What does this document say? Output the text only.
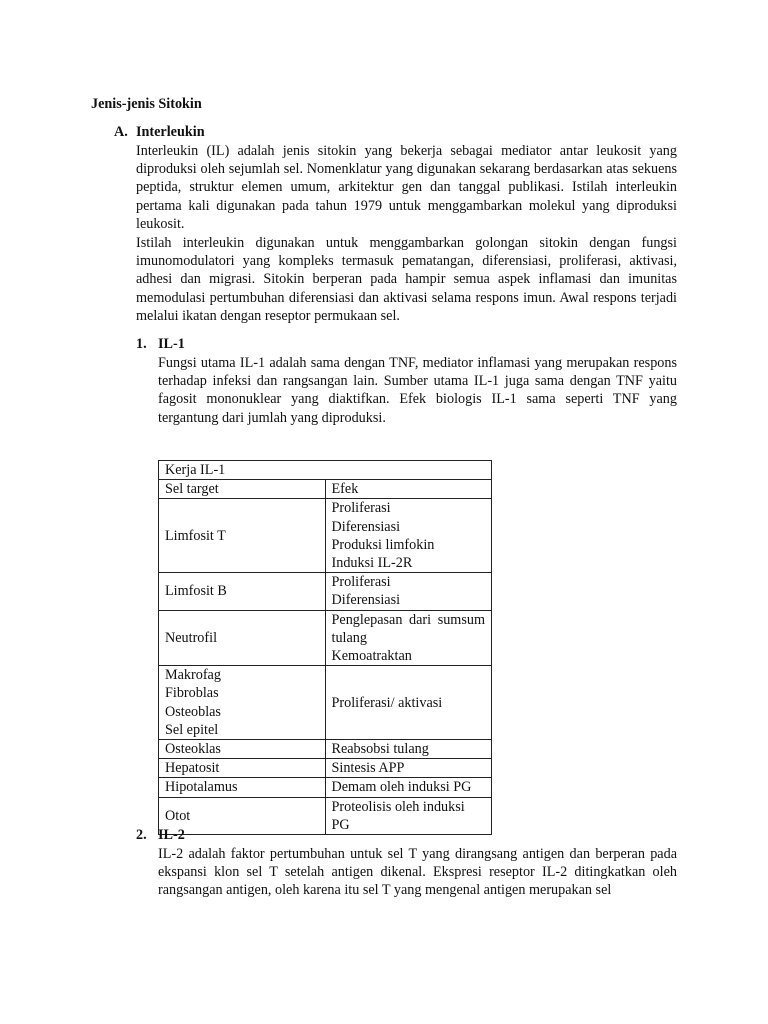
Jenis-jenis Sitokin
A. Interleukin

Interleukin (IL) adalah jenis sitokin yang bekerja sebagai mediator antar leukosit yang diproduksi oleh sejumlah sel. Nomenklatur yang digunakan sekarang berdasarkan atas sekuens peptida, struktur elemen umum, arkitektur gen dan tanggal publikasi. Istilah interleukin pertama kali digunakan pada tahun 1979 untuk menggambarkan molekul yang diproduksi leukosit.

Istilah interleukin digunakan untuk menggambarkan golongan sitokin dengan fungsi imunomodulatori yang kompleks termasuk pematangan, diferensiasi, proliferasi, aktivasi, adhesi dan migrasi. Sitokin berperan pada hampir semua aspek inflamasi dan imunitas memodulasi pertumbuhan diferensiasi dan aktivasi selama respons imun. Awal respons terjadi melalui ikatan dengan reseptor permukaan sel.

1. IL-1

Fungsi utama IL-1 adalah sama dengan TNF, mediator inflamasi yang merupakan respons terhadap infeksi dan rangsangan lain. Sumber utama IL-1 juga sama dengan TNF yaitu fagosit mononuklear yang diaktifkan. Efek biologis IL-1 sama seperti TNF yang tergantung dari jumlah yang diproduksi.

Kerja IL-1	
Sel target	Efek

Limfosit T	Proliferasi
Diferensiasi
Produksi limfokin
Induksi IL-2R

Limfosit B	Proliferasi
Diferensiasi

Neutrofil	Penglepasan dari sumsum tulang
Kemoatraktan

Makrofag
Fibroblas
Osteoblas
Sel epitel	Proliferasi/ aktivasi

Osteoklas	Reabsobsi tulang

Hepatosit	Sintesis APP

Hipotalamus	Demam oleh induksi PG

Otot	Proteolisis oleh induksi PG
2. IL-2

IL-2 adalah faktor pertumbuhan untuk sel T yang dirangsang antigen dan berperan pada ekspansi klon sel T setelah antigen dikenal. Ekspresi reseptor IL-2 ditingkatkan oleh rangsangan antigen, oleh karena itu sel T yang mengenal antigen merupakan sel
